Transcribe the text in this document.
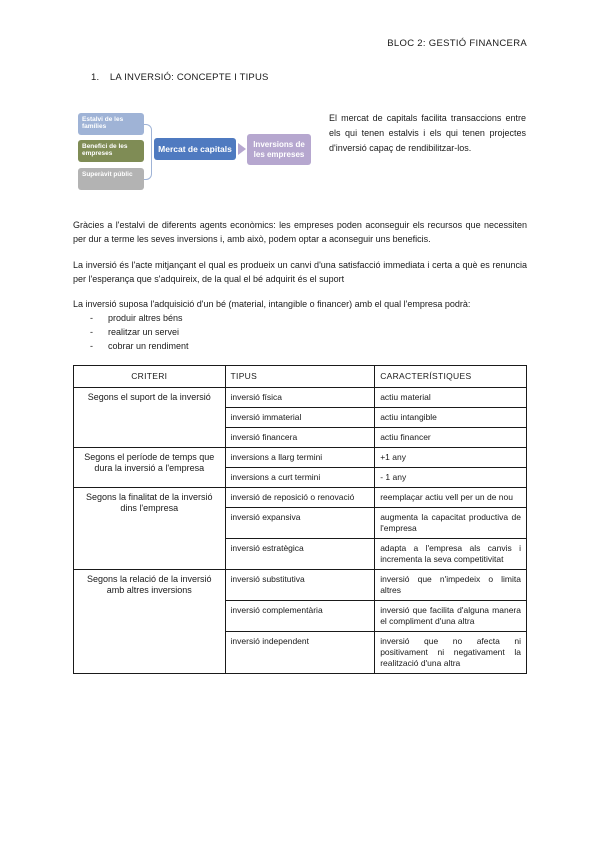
BLOC 2: GESTIÓ FINANCERA
1. LA INVERSIÓ: CONCEPTE I TIPUS
Estalvi de les famílies
Benefici de les empreses
Superàvit públic
Mercat de capitals	Inversions de les empreses
El mercat de capitals facilita transaccions entre els qui tenen estalvis i els qui tenen projectes d'inversió capaç de rendibilitzar-los.

Gràcies a l'estalvi de diferents agents econòmics: les empreses poden aconseguir els recursos que necessiten per dur a terme les seves inversions i, amb això, podem optar a aconseguir uns beneficis.

La inversió és l'acte mitjançant el qual es produeix un canvi d'una satisfacció immediata i certa a què es renuncia per l'esperança que s'adquireix, de la qual el bé adquirit és el suport

La inversió suposa l'adquisició d'un bé (material, intangible o financer) amb el qual l'empresa podrà:

- produir altres béns
- realitzar un servei
- cobrar un rendiment
CRITERI	TIPUS	CARACTERÍSTIQUES
Segons el suport de la inversió	inversió física	actiu material
	inversió immaterial	actiu intangible
	inversió financera	actiu financer
Segons el període de temps que dura la inversió a l'empresa	inversions a llarg termini	+1 any
	inversions a curt termini	- 1 any
Segons la finalitat de la inversió dins l'empresa	inversió de reposició o renovació	reemplaçar actiu vell per un de nou
	inversió expansiva	augmenta la capacitat productiva de l'empresa
	inversió estratègica	adapta a l'empresa als canvis i incrementa la seva competitivitat
Segons la relació de la inversió amb altres inversions	inversió substitutiva	inversió que n'impedeix o limita altres
	inversió complementària	inversió que facilita d'alguna manera el compliment d'una altra
	inversió independent	inversió que no afecta ni positivament ni negativament la realització d'una altra
